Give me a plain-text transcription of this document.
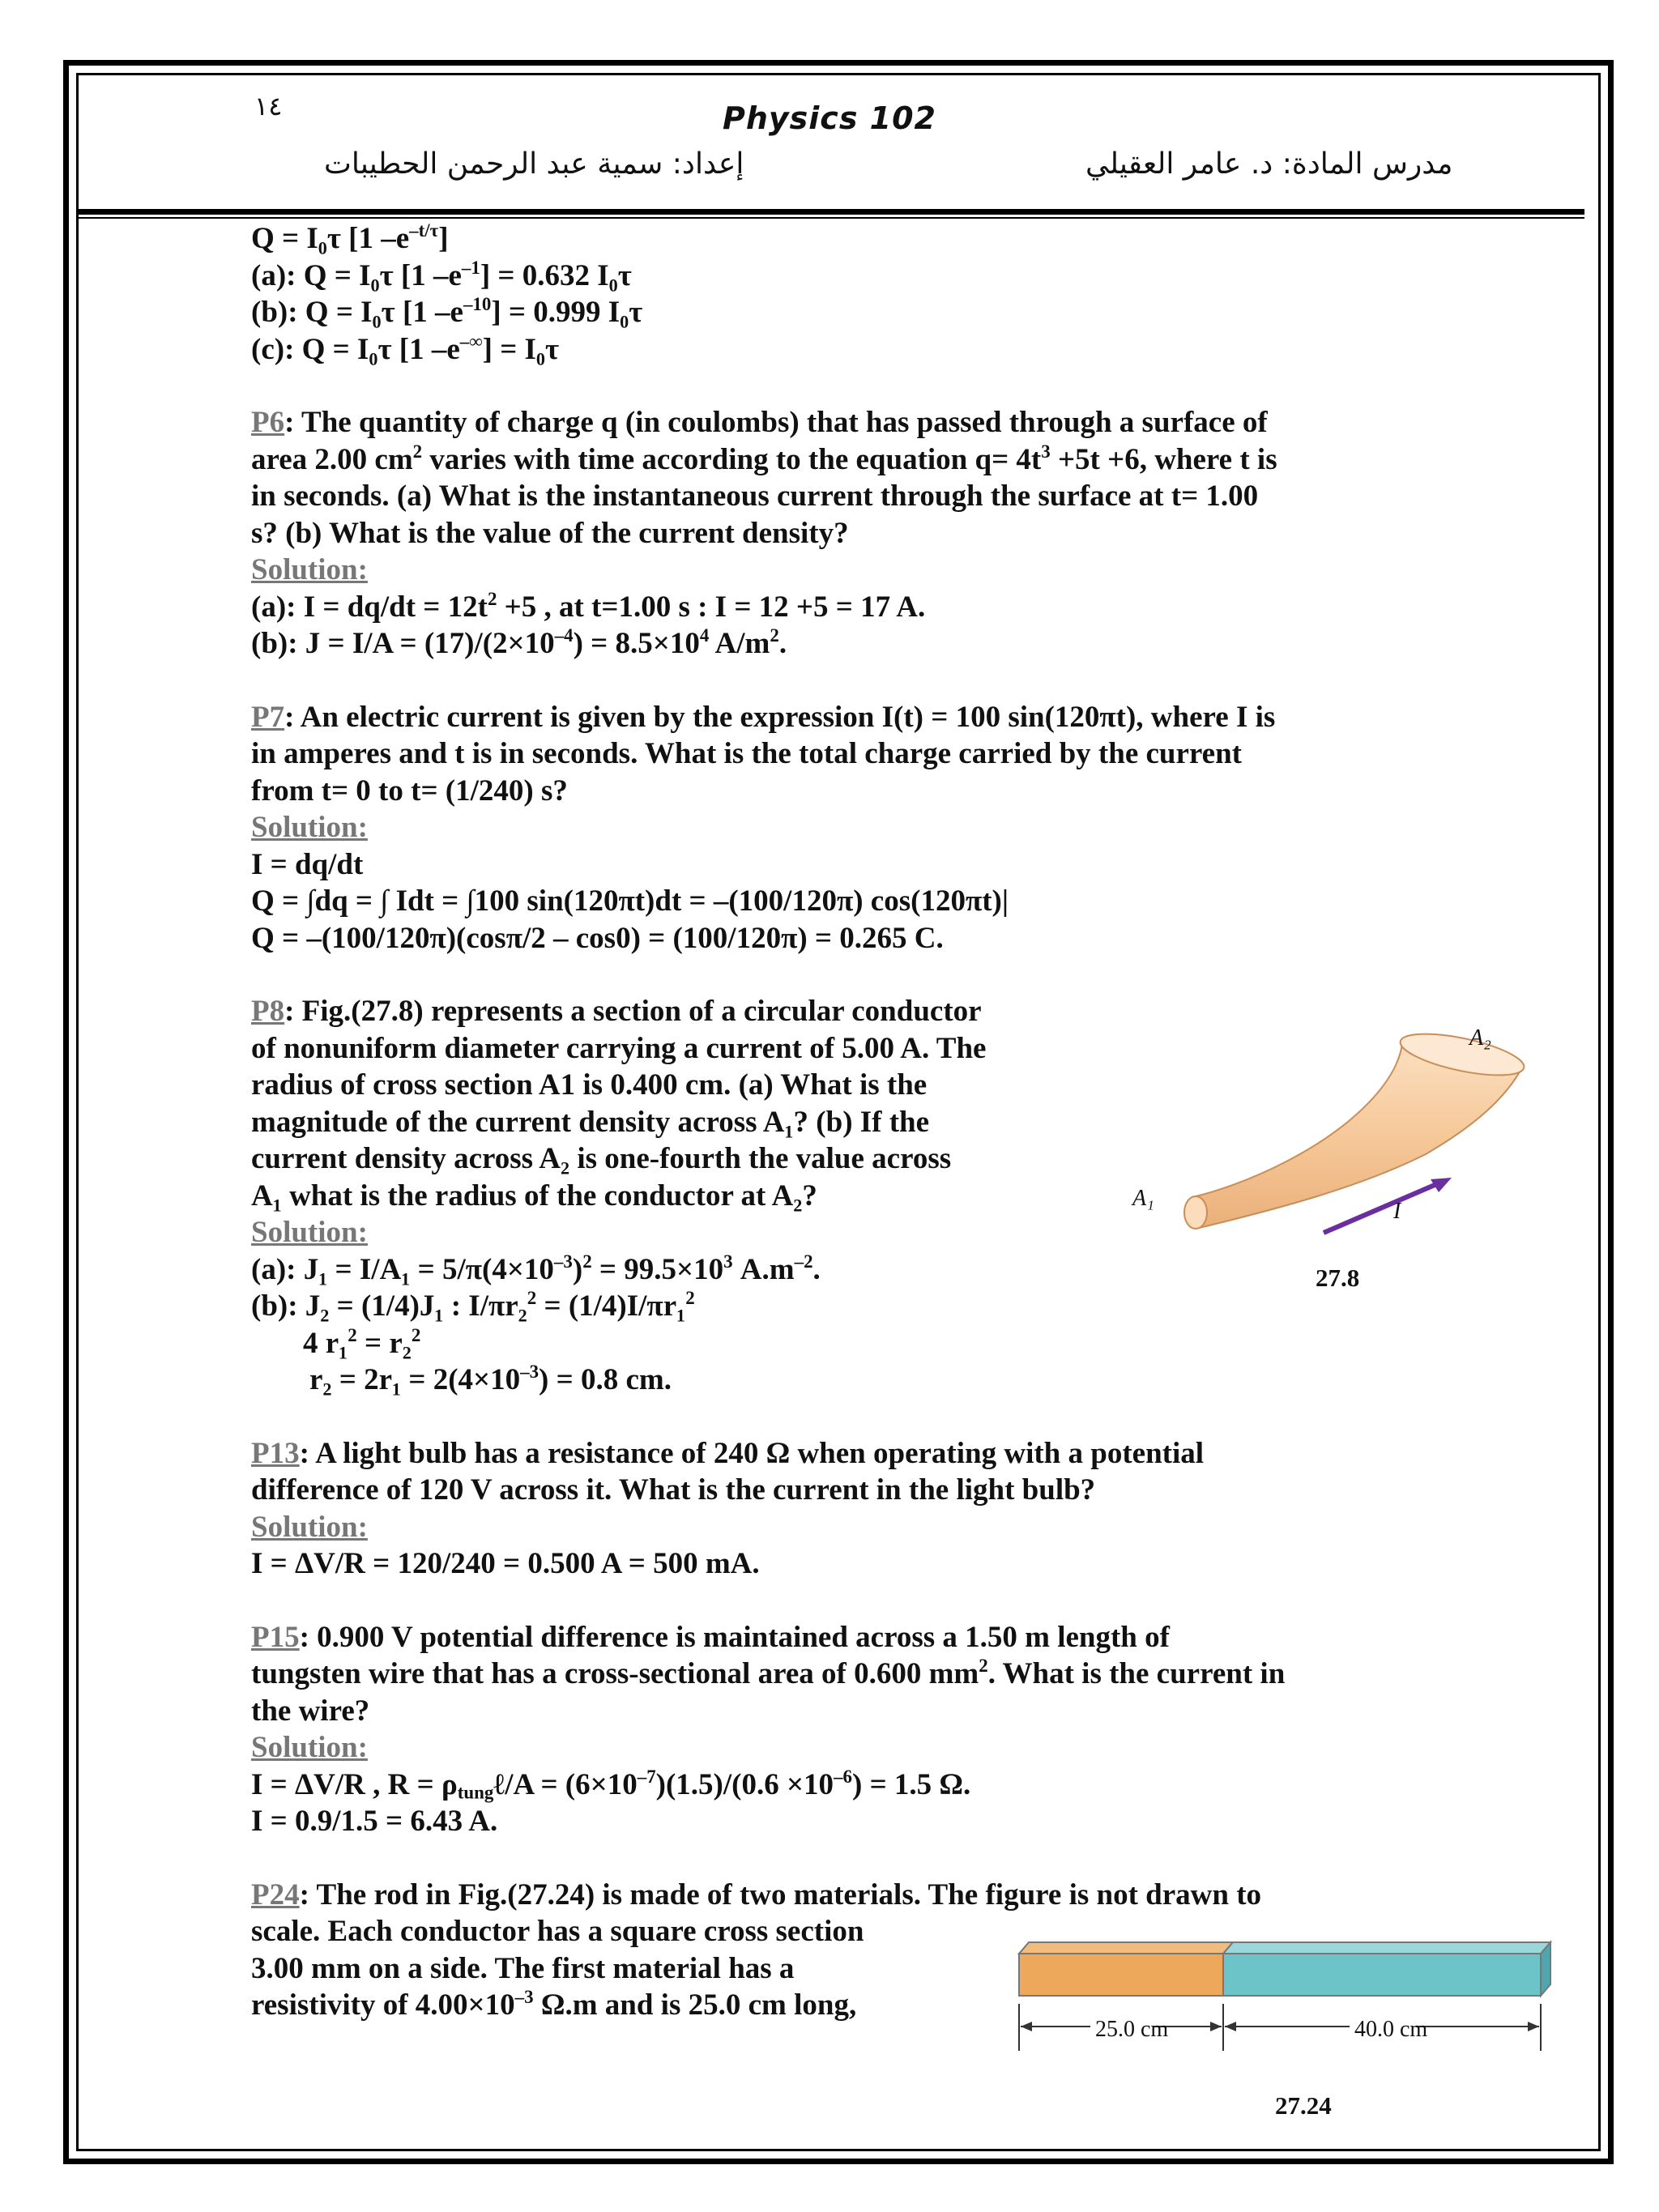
١٤	Physics 102
إعداد: سمية عبد الرحمن الحطيبات	مدرس المادة: د. عامر العقيلي

Q = I₀τ [1 $-e^{-t/\tau}$]

(a): Q = I₀τ [1 $-e^{-1}] = 0.632$ I₀τ

(b): Q = I₀τ [1 $-e^{-10}] = 0.999$ I₀τ

(c): Q = I₀τ [1 –e–∞] = I₀τ

P6: The quantity of charge q (in coulombs) that has passed through a surface of

area 2.00 $cm^2$ varies with time according to the equation $q= 4t^3 +5t +6$, where t is

in seconds. (a) What is the instantaneous current through the surface at t= 1.00

s? (b) What is the value of the current density?

Solution:

(a): $I = dq/dt = 12t^2 +5$ , at t=1.00 s : I = 12 +5 = 17 A.

(b): $J = I/A = (17)/(2\times 10^{-4}) = 8.5\times 10^4$ $A/m^2$.

P7: An electric current is given by the expression I(t) = 100 sin(120πt), where I is

in amperes and t is in seconds. What is the total charge carried by the current

from t= 0 to t= (1/240) s?

Solution:

I = dq/dt

Q = ∫dq = ∫ Idt = ∫100 sin(120πt)dt = –(100/120π) cos(120πt)|

Q = –(100/120π)(cosπ/2 – cos0) = (100/120π) = 0.265 C.

P8: Fig.(27.8) represents a section of a circular conductor

of nonuniform diameter carrying a current of 5.00 A. The

radius of cross section A1 is 0.400 cm. (a) What is the

magnitude of the current density across A₁? (b) If the

current density across A₂ is one-fourth the value across

A₁ what is the radius of the conductor at A₂?

Solution:

(a): $J_1 = I/A_1 = 5/\pi(4\times 10^{-3})^2 = 99.5\times 10^3$ $A.m^{-2}$.

(b): J₂ = (1/4)J₁ : I/πr₂$^2$ = (1/4)I/πr₁$^2$

4 r₁$^2$ = r₂$^2$

$r_2 = 2r_1 = 2(4\times 10^{-3}) = 0.8$ cm.

P13: A light bulb has a resistance of 240 Ω when operating with a potential

difference of 120 V across it. What is the current in the light bulb?

Solution:

I = ΔV/R = 120/240 = 0.500 A = 500 mA.

P15: 0.900 V potential difference is maintained across a 1.50 m length of

tungsten wire that has a cross-sectional area of 0.600 $mm^2$. What is the current in

the wire?

Solution:

I = ΔV/R , $R = \rho_{tung}\ell/A = (6\times 10^{-7})(1.5)/(0.6 \times 10^{-6}) = 1.5$ Ω.

I = 0.9/1.5 = 6.43 A.

P24: The rod in Fig.(27.24) is made of two materials. The figure is not drawn to

scale. Each conductor has a square cross section

3.00 mm on a side. The first material has a

resistivity of $4.00\times 10^{-3}$ Ω.m and is 25.0 cm long,

A₁
A₂
I
27.8
25.0 cm	40.0 cm
27.24
